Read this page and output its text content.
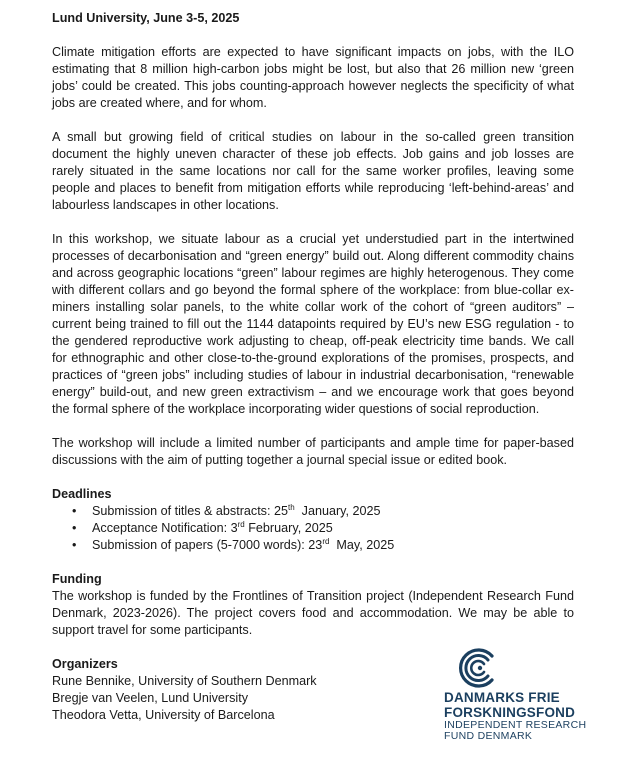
Lund University, June 3-5, 2025

Climate mitigation efforts are expected to have significant impacts on jobs, with the ILO estimating that 8 million high-carbon jobs might be lost, but also that 26 million new ‘green jobs’ could be created. This jobs counting-approach however neglects the specificity of what jobs are created where, and for whom.

A small but growing field of critical studies on labour in the so-called green transition document the highly uneven character of these job effects. Job gains and job losses are rarely situated in the same locations nor call for the same worker profiles, leaving some people and places to benefit from mitigation efforts while reproducing ‘left-behind-areas’ and labourless landscapes in other locations.

In this workshop, we situate labour as a crucial yet understudied part in the intertwined processes of decarbonisation and “green energy” build out. Along different commodity chains and across geographic locations “green” labour regimes are highly heterogenous. They come with different collars and go beyond the formal sphere of the workplace: from blue-collar ex-miners installing solar panels, to the white collar work of the cohort of “green auditors” – current being trained to fill out the 1144 datapoints required by EU’s new ESG regulation - to the gendered reproductive work adjusting to cheap, off-peak electricity time bands. We call for ethnographic and other close-to-the-ground explorations of the promises, prospects, and practices of “green jobs” including studies of labour in industrial decarbonisation, “renewable energy” build-out, and new green extractivism – and we encourage work that goes beyond the formal sphere of the workplace incorporating wider questions of social reproduction.

The workshop will include a limited number of participants and ample time for paper-based discussions with the aim of putting together a journal special issue or edited book.

Deadlines

• Submission of titles & abstracts: 25th  January, 2025
• Acceptance Notification: 3rd February, 2025
• Submission of papers (5-7000 words): 23rd  May, 2025

Funding

The workshop is funded by the Frontlines of Transition project (Independent Research Fund Denmark, 2023-2026). The project covers food and accommodation. We may be able to support travel for some participants.

Organizers

Rune Bennike, University of Southern Denmark
Bregje van Veelen, Lund University
Theodora Vetta, University of Barcelona
DANMARKS FRIE
FORSKNINGSFOND
INDEPENDENT RESEARCH
FUND DENMARK
